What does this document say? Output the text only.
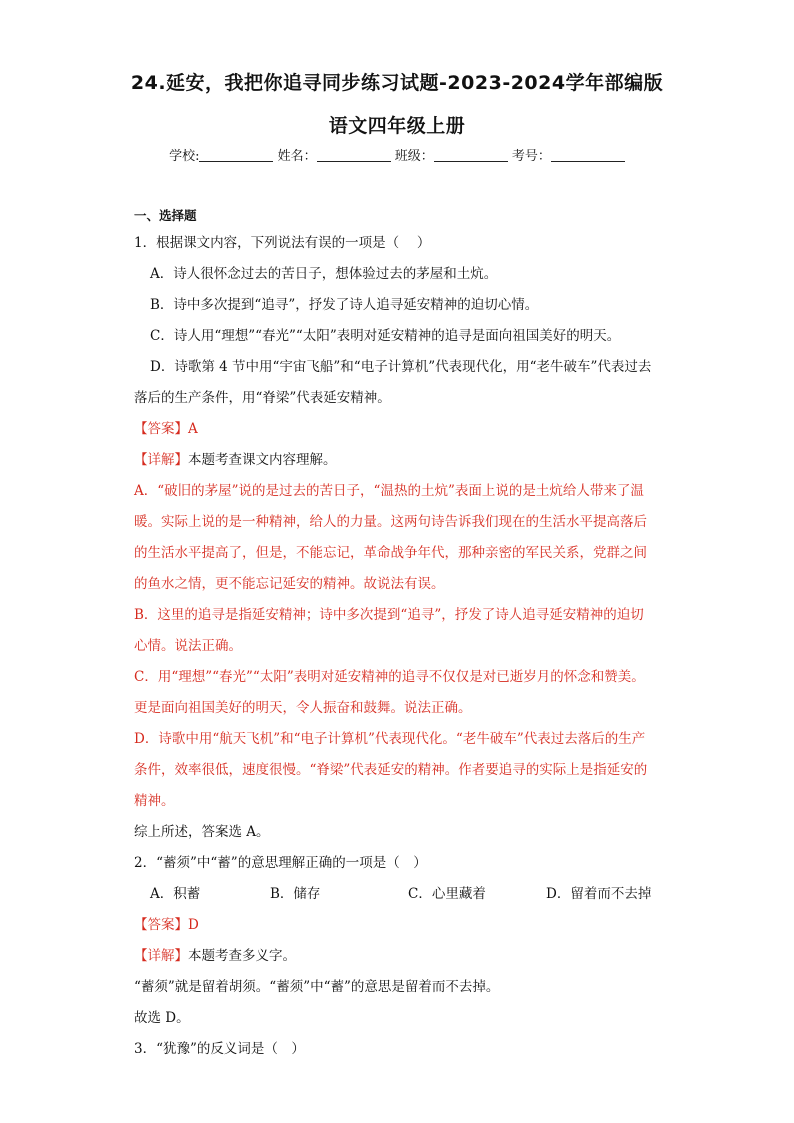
24.延安，我把你追寻同步练习试题-2023-2024学年部编版
语文四年级上册
学校:	姓名：	班级：	考号：
一、选择题
1．根据课文内容，下列说法有误的一项是（　 ）
A．诗人很怀念过去的苦日子，想体验过去的茅屋和土炕。
B．诗中多次提到“追寻”，抒发了诗人追寻延安精神的迫切心情。
C．诗人用“理想”“春光”“太阳”表明对延安精神的追寻是面向祖国美好的明天。
D．诗歌第 4 节中用“宇宙飞船”和“电子计算机”代表现代化，用“老牛破车”代表过去
落后的生产条件，用“脊梁”代表延安精神。
【答案】A
【详解】本题考查课文内容理解。
A．“破旧的茅屋”说的是过去的苦日子，“温热的土炕”表面上说的是土炕给人带来了温
暖。实际上说的是一种精神，给人的力量。这两句诗告诉我们现在的生活水平提高落后
的生活水平提高了，但是，不能忘记，革命战争年代，那种亲密的军民关系，党群之间
的鱼水之情，更不能忘记延安的精神。故说法有误。
B．这里的追寻是指延安精神；诗中多次提到“追寻”，抒发了诗人追寻延安精神的迫切
心情。说法正确。
C．用“理想”“春光”“太阳”表明对延安精神的追寻不仅仅是对已逝岁月的怀念和赞美。
更是面向祖国美好的明天，令人振奋和鼓舞。说法正确。
D．诗歌中用“航天飞机”和“电子计算机”代表现代化。“老牛破车”代表过去落后的生产
条件，效率很低，速度很慢。“脊梁”代表延安的精神。作者要追寻的实际上是指延安的
精神。
综上所述，答案选 A。
2．“蓄须”中“蓄”的意思理解正确的一项是（　）
A．积蓄	B．储存	C．心里藏着	D．留着而不去掉
【答案】D
【详解】本题考查多义字。
“蓄须”就是留着胡须。“蓄须”中“蓄”的意思是留着而不去掉。
故选 D。
3．“犹豫”的反义词是（　）
